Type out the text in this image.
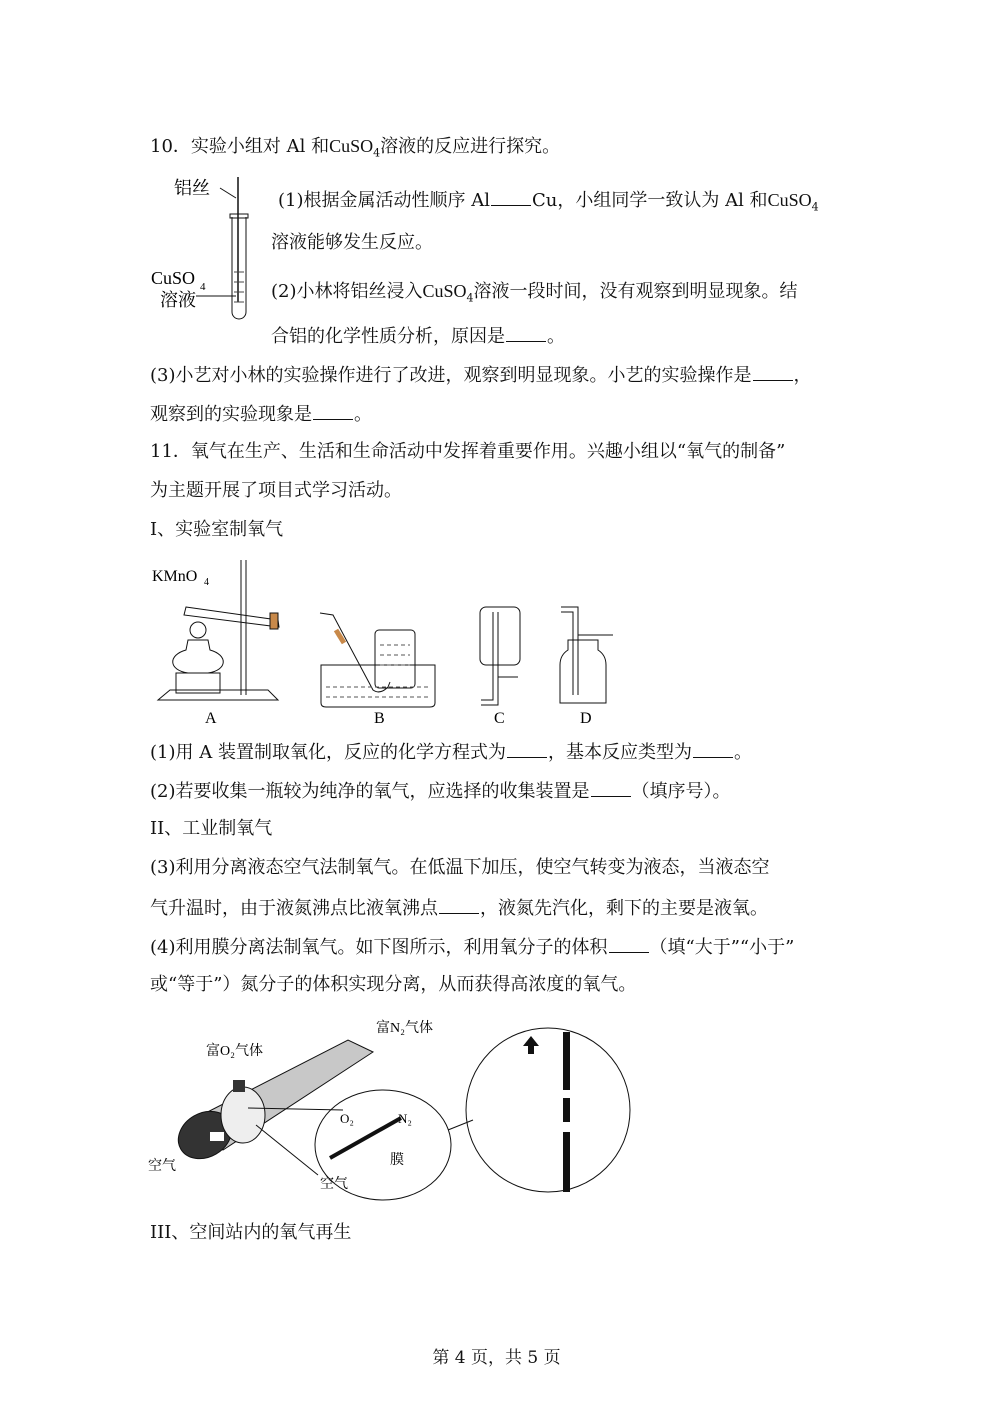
10．实验小组对 Al 和CuSO$_4$溶液的反应进行探究。
铝丝
CuSO 4
溶液
(1)根据金属活动性顺序 Al Cu，小组同学一致认为 Al 和CuSO$_4$
溶液能够发生反应。
(2)小林将铝丝浸入CuSO$_4$溶液一段时间，没有观察到明显现象。结
合铝的化学性质分析，原因是 。
(3)小艺对小林的实验操作进行了改进，观察到明显现象。小艺的实验操作是 ，
观察到的实验现象是 。
11．氧气在生产、生活和生命活动中发挥着重要作用。兴趣小组以“氧气的制备”
为主题开展了项目式学习活动。
I、实验室制氧气
KMnO 4
A	B	C	D
(1)用 A 装置制取氧化，反应的化学方程式为 ，基本反应类型为 。
(2)若要收集一瓶较为纯净的氧气，应选择的收集装置是 （填序号）。
II、工业制氧气
(3)利用分离液态空气法制氧气。在低温下加压，使空气转变为液态，当液态空
气升温时，由于液氮沸点比液氧沸点 ，液氮先汽化，剩下的主要是液氧。
(4)利用膜分离法制氧气。如下图所示，利用氧分子的体积 （填“大于”“小于”
或“等于”）氮分子的体积实现分离，从而获得高浓度的氧气。
富N₂气体
富O₂气体
空气
O₂	N₂
膜
空气
III、空间站内的氧气再生
第 4 页，共 5 页
